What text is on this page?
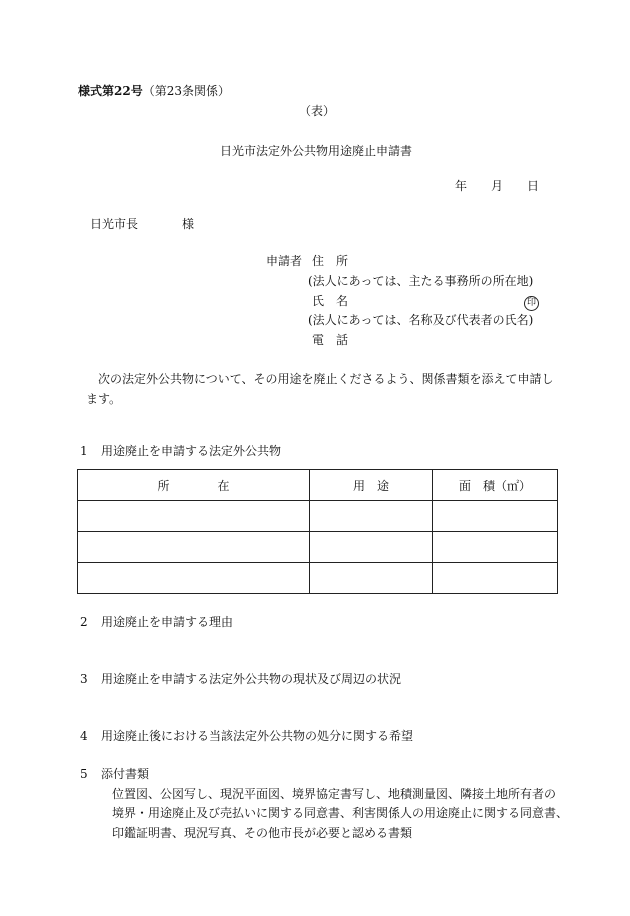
様式第22号（第23条関係）
（表）
日光市法定外公共物用途廃止申請書
年　　月　　日
日光市長	様
申請者 住　所
(法人にあっては、主たる事務所の所在地)
氏　名	印
(法人にあっては、名称及び代表者の氏名)
電　話
次の法定外公共物について、その用途を廃止くださるよう、関係書類を添えて申請します。
1 用途廃止を申請する法定外公共物
所　　　　在	用　途	面　積（㎡）

2 用途廃止を申請する理由
3 用途廃止を申請する法定外公共物の現状及び周辺の状況
4 用途廃止後における当該法定外公共物の処分に関する希望
5 添付書類
位置図、公図写し、現況平面図、境界協定書写し、地積測量図、隣接土地所有者の
境界・用途廃止及び売払いに関する同意書、利害関係人の用途廃止に関する同意書、
印鑑証明書、現況写真、その他市長が必要と認める書類
